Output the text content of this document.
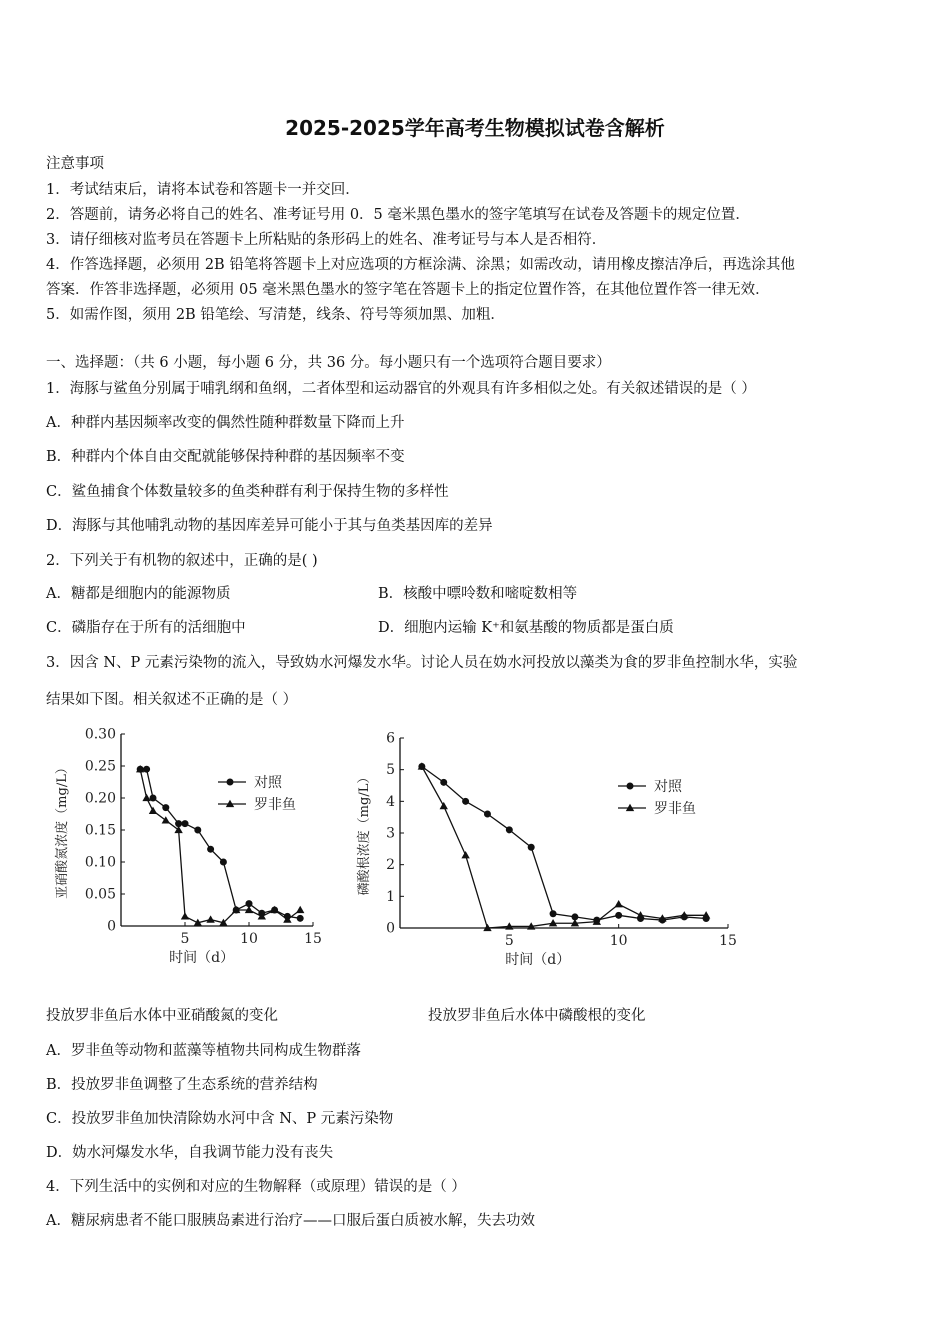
2025-2025学年高考生物模拟试卷含解析
注意事项
1．考试结束后，请将本试卷和答题卡一并交回．
2．答题前，请务必将自己的姓名、准考证号用 0．5 毫米黑色墨水的签字笔填写在试卷及答题卡的规定位置．
3．请仔细核对监考员在答题卡上所粘贴的条形码上的姓名、准考证号与本人是否相符．
4．作答选择题，必须用 2B 铅笔将答题卡上对应选项的方框涂满、涂黑；如需改动，请用橡皮擦洁净后，再选涂其他
答案．作答非选择题，必须用 05 毫米黑色墨水的签字笔在答题卡上的指定位置作答，在其他位置作答一律无效．
5．如需作图，须用 2B 铅笔绘、写清楚，线条、符号等须加黑、加粗．
一、选择题：（共 6 小题，每小题 6 分，共 36 分。每小题只有一个选项符合题目要求）
1．海豚与鲨鱼分别属于哺乳纲和鱼纲，二者体型和运动器官的外观具有许多相似之处。有关叙述错误的是（ ）
A．种群内基因频率改变的偶然性随种群数量下降而上升
B．种群内个体自由交配就能够保持种群的基因频率不变
C．鲨鱼捕食个体数量较多的鱼类种群有利于保持生物的多样性
D．海豚与其他哺乳动物的基因库差异可能小于其与鱼类基因库的差异
2．下列关于有机物的叙述中，正确的是( )
A．糖都是细胞内的能源物质	B．核酸中嘌呤数和嘧啶数相等
C．磷脂存在于所有的活细胞中	D．细胞内运输 K⁺和氨基酸的物质都是蛋白质
3．因含 N、P 元素污染物的流入，导致妫水河爆发水华。讨论人员在妫水河投放以藻类为食的罗非鱼控制水华，实验
结果如下图。相关叙述不正确的是（ ）
0
0.05
0.10
0.15
0.20
0.25
0.30
5	10	15
时间（d）
亚硝酸氮浓度（mg/L）	对照
罗非鱼
0
1
2
3
4
5
6
5	10	15
时间（d）
磷酸根浓度（mg/L）	对照
罗非鱼
投放罗非鱼后水体中亚硝酸氮的变化	投放罗非鱼后水体中磷酸根的变化
A．罗非鱼等动物和蓝藻等植物共同构成生物群落
B．投放罗非鱼调整了生态系统的营养结构
C．投放罗非鱼加快清除妫水河中含 N、P 元素污染物
D．妫水河爆发水华，自我调节能力没有丧失
4．下列生活中的实例和对应的生物解释（或原理）错误的是（ ）
A．糖尿病患者不能口服胰岛素进行治疗——口服后蛋白质被水解，失去功效
